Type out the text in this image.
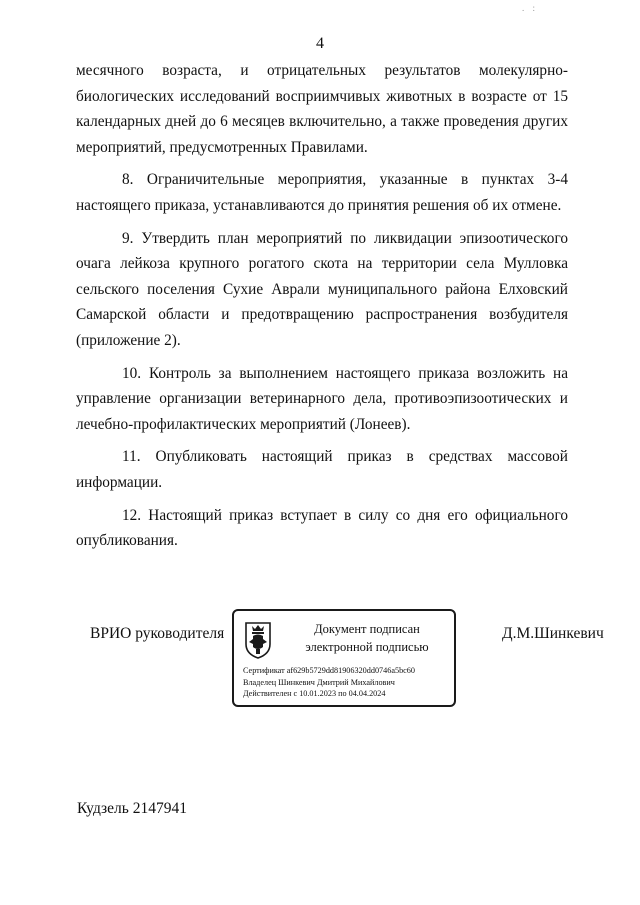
. :
4

месячного возраста, и отрицательных результатов молекулярно-биологических исследований восприимчивых животных в возрасте от 15 календарных дней до 6 месяцев включительно, а также проведения других мероприятий, предусмотренных Правилами.

8. Ограничительные мероприятия, указанные в пунктах 3-4 настоящего приказа, устанавливаются до принятия решения об их отмене.

9. Утвердить план мероприятий по ликвидации эпизоотического очага лейкоза крупного рогатого скота на территории села Мулловка сельского поселения Сухие Аврали муниципального района Елховский Самарской области и предотвращению распространения возбудителя (приложение 2).

10. Контроль за выполнением настоящего приказа возложить на управление организации ветеринарного дела, противоэпизоотических и лечебно-профилактических мероприятий (Лонеев).

11. Опубликовать настоящий приказ в средствах массовой информации.

12. Настоящий приказ вступает в силу со дня его официального опубликования.

ВРИО руководителя	Документ подписан
электронной подписью
Сертификат af629b5729dd81906320dd0746a5bc60
Владелец Шинкевич Дмитрий Михайлович
Действителен с 10.01.2023 по 04.04.2024
Д.М.Шинкевич
Кудзель 2147941
